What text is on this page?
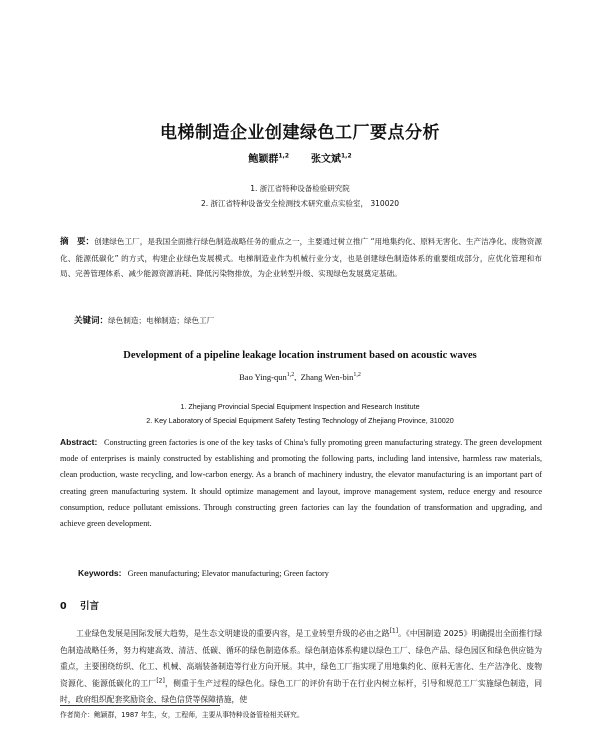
电梯制造企业创建绿色工厂要点分析
鲍颖群$^{1,2}$ 张文斌$^{1,2}$
1. 浙江省特种设备检验研究院
2. 浙江省特种设备安全检测技术研究重点实验室， 310020
摘　要：创建绿色工厂，是我国全面推行绿色制造战略任务的重点之一，主要通过树立推广 “用地集约化、原料无害化、生产洁净化、废物资源化、能源低碳化” 的方式，构建企业绿色发展模式。电梯制造业作为机械行业分支，也是创建绿色制造体系的重要组成部分，应优化管理和布局、完善管理体系、减少能源资源消耗、降低污染物排放，为企业转型升级、实现绿色发展奠定基础。
关键词：绿色制造；电梯制造；绿色工厂
Development of a pipeline leakage location instrument based on acoustic waves
Bao Ying-qun$^{1,2}$,  Zhang Wen-bin$^{1,2}$
1. Zhejiang Provincial Special Equipment Inspection and Research Institute
2. Key Laboratory of Special Equipment Safety Testing Technology of Zhejiang Province, 310020
Abstract: Constructing green factories is one of the key tasks of China's fully promoting green manufacturing strategy. The green development mode of enterprises is mainly constructed by establishing and promoting the following parts, including land intensive, harmless raw materials, clean production, waste recycling, and low-carbon energy. As a branch of machinery industry, the elevator manufacturing is an important part of creating green manufacturing system. It should optimize management and layout, improve management system, reduce energy and resource consumption, reduce pollutant emissions. Through constructing green factories can lay the foundation of transformation and upgrading, and achieve green development.
Keywords: Green manufacturing; Elevator manufacturing; Green factory
0 引言
工业绿色发展是国际发展大趋势，是生态文明建设的重要内容，是工业转型升级的必由之路[1]。《中国制造 2025》明确提出全面推行绿色制造战略任务，努力构建高效、清洁、低碳、循环的绿色制造体系。绿色制造体系构建以绿色工厂、绿色产品、绿色园区和绿色供应链为重点，主要围绕纺织、化工、机械、高端装备制造等行业方向开展。其中，绿色工厂指实现了用地集约化、原料无害化、生产洁净化、废物资源化、能源低碳化的工厂[2]，侧重于生产过程的绿色化。绿色工厂的评价有助于在行业内树立标杆，引导和规范工厂实施绿色制造，同时，政府组织配套奖励资金、绿色信贷等保障措施，使
作者简介：鲍颖群，1987 年生，女，工程师，主要从事特种设备管检相关研究。
